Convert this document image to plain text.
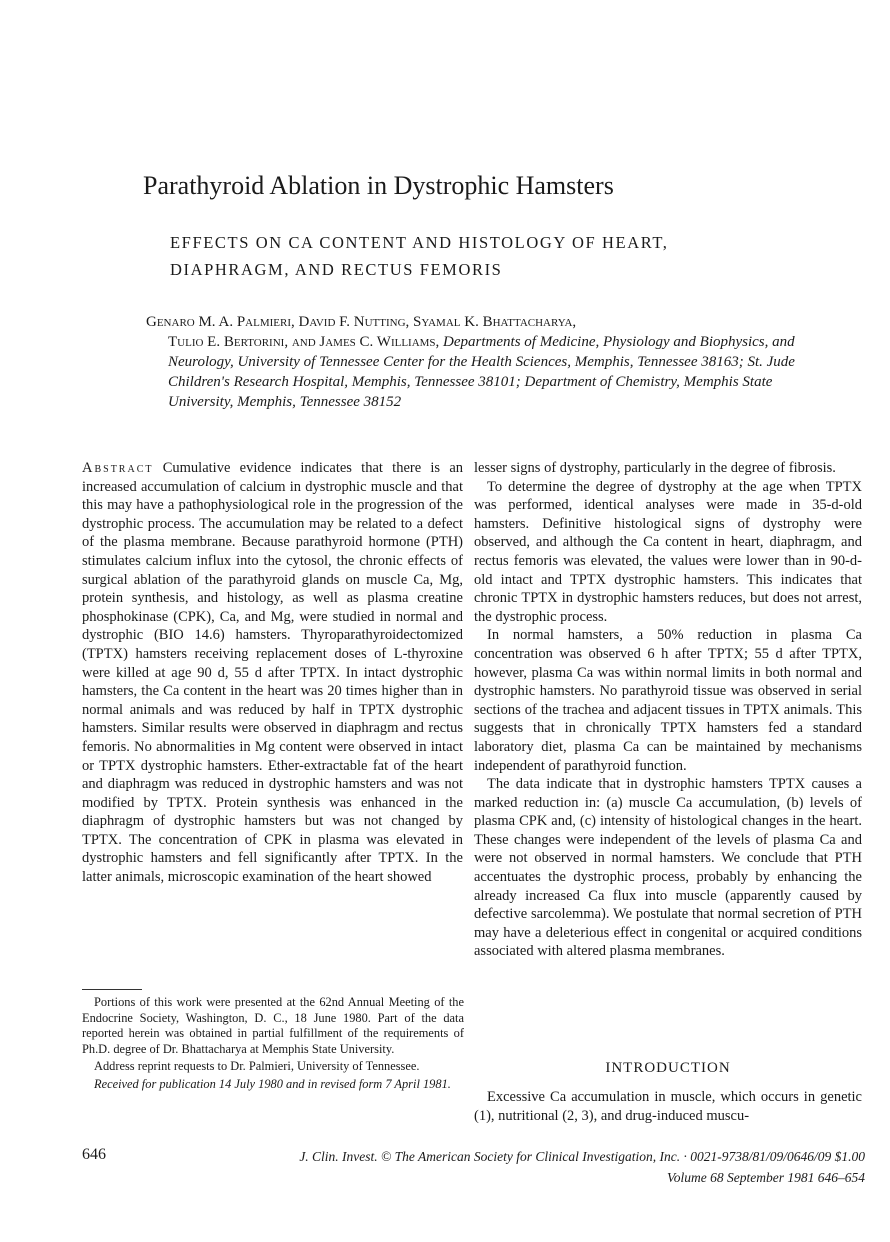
Parathyroid Ablation in Dystrophic Hamsters
EFFECTS ON CA CONTENT AND HISTOLOGY OF HEART,
DIAPHRAGM, AND RECTUS FEMORIS
Genaro M. A. Palmieri, David F. Nutting, Syamal K. Bhattacharya,
Tulio E. Bertorini, and James C. Williams, Departments of Medicine, Physiology and Biophysics, and Neurology, University of Tennessee Center for the Health Sciences, Memphis, Tennessee 38163; St. Jude Children's Research Hospital, Memphis, Tennessee 38101; Department of Chemistry, Memphis State University, Memphis, Tennessee 38152

Abstract Cumulative evidence indicates that there is an increased accumulation of calcium in dystrophic muscle and that this may have a pathophysiological role in the progression of the dystrophic process. The accumulation may be related to a defect of the plasma membrane. Because parathyroid hormone (PTH) stimulates calcium influx into the cytosol, the chronic effects of surgical ablation of the parathyroid glands on muscle Ca, Mg, protein synthesis, and histology, as well as plasma creatine phosphokinase (CPK), Ca, and Mg, were studied in normal and dystrophic (BIO 14.6) hamsters. Thyroparathyroidectomized (TPTX) hamsters receiving replacement doses of L-thyroxine were killed at age 90 d, 55 d after TPTX. In intact dystrophic hamsters, the Ca content in the heart was 20 times higher than in normal animals and was reduced by half in TPTX dystrophic hamsters. Similar results were observed in diaphragm and rectus femoris. No abnormalities in Mg content were observed in intact or TPTX dystrophic hamsters. Ether-extractable fat of the heart and diaphragm was reduced in dystrophic hamsters and was not modified by TPTX. Protein synthesis was enhanced in the diaphragm of dystrophic hamsters but was not changed by TPTX. The concentration of CPK in plasma was elevated in dystrophic hamsters and fell significantly after TPTX. In the latter animals, microscopic examination of the heart showed

Portions of this work were presented at the 62nd Annual Meeting of the Endocrine Society, Washington, D. C., 18 June 1980. Part of the data reported herein was obtained in partial fulfillment of the requirements of Ph.D. degree of Dr. Bhattacharya at Memphis State University.

Address reprint requests to Dr. Palmieri, University of Tennessee.

Received for publication 14 July 1980 and in revised form 7 April 1981.

lesser signs of dystrophy, particularly in the degree of fibrosis.

To determine the degree of dystrophy at the age when TPTX was performed, identical analyses were made in 35-d-old hamsters. Definitive histological signs of dystrophy were observed, and although the Ca content in heart, diaphragm, and rectus femoris was elevated, the values were lower than in 90-d-old intact and TPTX dystrophic hamsters. This indicates that chronic TPTX in dystrophic hamsters reduces, but does not arrest, the dystrophic process.

In normal hamsters, a 50% reduction in plasma Ca concentration was observed 6 h after TPTX; 55 d after TPTX, however, plasma Ca was within normal limits in both normal and dystrophic hamsters. No parathyroid tissue was observed in serial sections of the trachea and adjacent tissues in TPTX animals. This suggests that in chronically TPTX hamsters fed a standard laboratory diet, plasma Ca can be maintained by mechanisms independent of parathyroid function.

The data indicate that in dystrophic hamsters TPTX causes a marked reduction in: (a) muscle Ca accumulation, (b) levels of plasma CPK and, (c) intensity of histological changes in the heart. These changes were independent of the levels of plasma Ca and were not observed in normal hamsters. We conclude that PTH accentuates the dystrophic process, probably by enhancing the already increased Ca flux into muscle (apparently caused by defective sarcolemma). We postulate that normal secretion of PTH may have a deleterious effect in congenital or acquired conditions associated with altered plasma membranes.

INTRODUCTION

Excessive Ca accumulation in muscle, which occurs in genetic (1), nutritional (2, 3), and drug-induced muscu-

646	J. Clin. Invest. © The American Society for Clinical Investigation, Inc. · 0021-9738/81/09/0646/09 $1.00
Volume 68 September 1981 646–654
